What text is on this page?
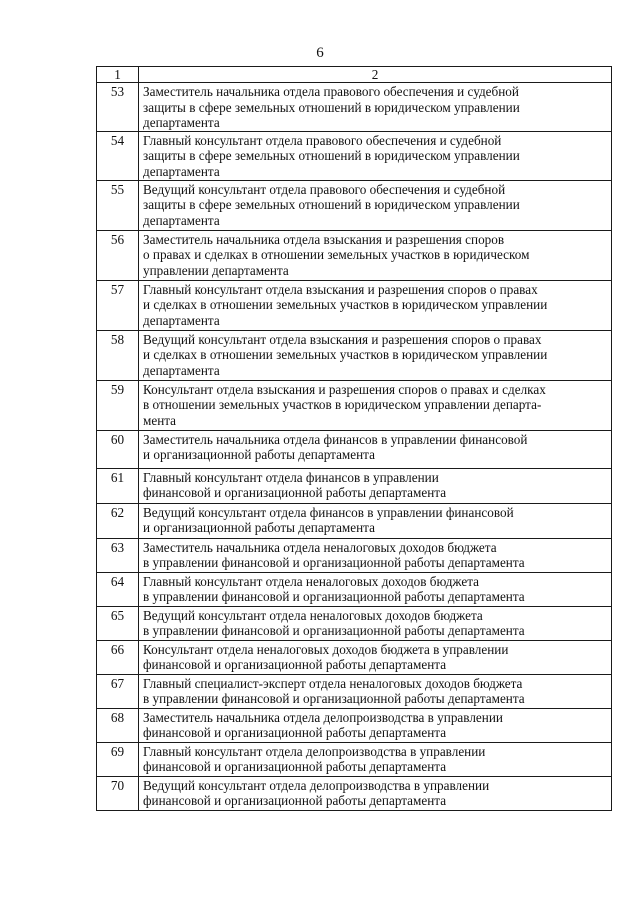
6
1	2
53	Заместитель начальника отдела правового обеспечения и судебной
защиты в сфере земельных отношений в юридическом управлении
департамента
54	Главный консультант отдела правового обеспечения и судебной
защиты в сфере земельных отношений в юридическом управлении
департамента
55	Ведущий консультант отдела правового обеспечения и судебной
защиты в сфере земельных отношений в юридическом управлении
департамента
56	Заместитель начальника отдела взыскания и разрешения споров
о правах и сделках в отношении земельных участков в юридическом
управлении департамента
57	Главный консультант отдела взыскания и разрешения споров о правах
и сделках в отношении земельных участков в юридическом управлении
департамента
58	Ведущий консультант отдела взыскания и разрешения споров о правах
и сделках в отношении земельных участков в юридическом управлении
департамента
59	Консультант отдела взыскания и разрешения споров о правах и сделках
в отношении земельных участков в юридическом управлении департа-
мента
60	Заместитель начальника отдела финансов в управлении финансовой
и организационной работы департамента
61	Главный консультант отдела финансов в управлении
финансовой и организационной работы департамента
62	Ведущий консультант отдела финансов в управлении финансовой
и организационной работы департамента
63	Заместитель начальника отдела неналоговых доходов бюджета
в управлении финансовой и организационной работы департамента
64	Главный консультант отдела неналоговых доходов бюджета
в управлении финансовой и организационной работы департамента
65	Ведущий консультант отдела неналоговых доходов бюджета
в управлении финансовой и организационной работы департамента
66	Консультант отдела неналоговых доходов бюджета в управлении
финансовой и организационной работы департамента
67	Главный специалист-эксперт отдела неналоговых доходов бюджета
в управлении финансовой и организационной работы департамента
68	Заместитель начальника отдела делопроизводства в управлении
финансовой и организационной работы департамента
69	Главный консультант отдела делопроизводства в управлении
финансовой и организационной работы департамента
70	Ведущий консультант отдела делопроизводства в управлении
финансовой и организационной работы департамента
